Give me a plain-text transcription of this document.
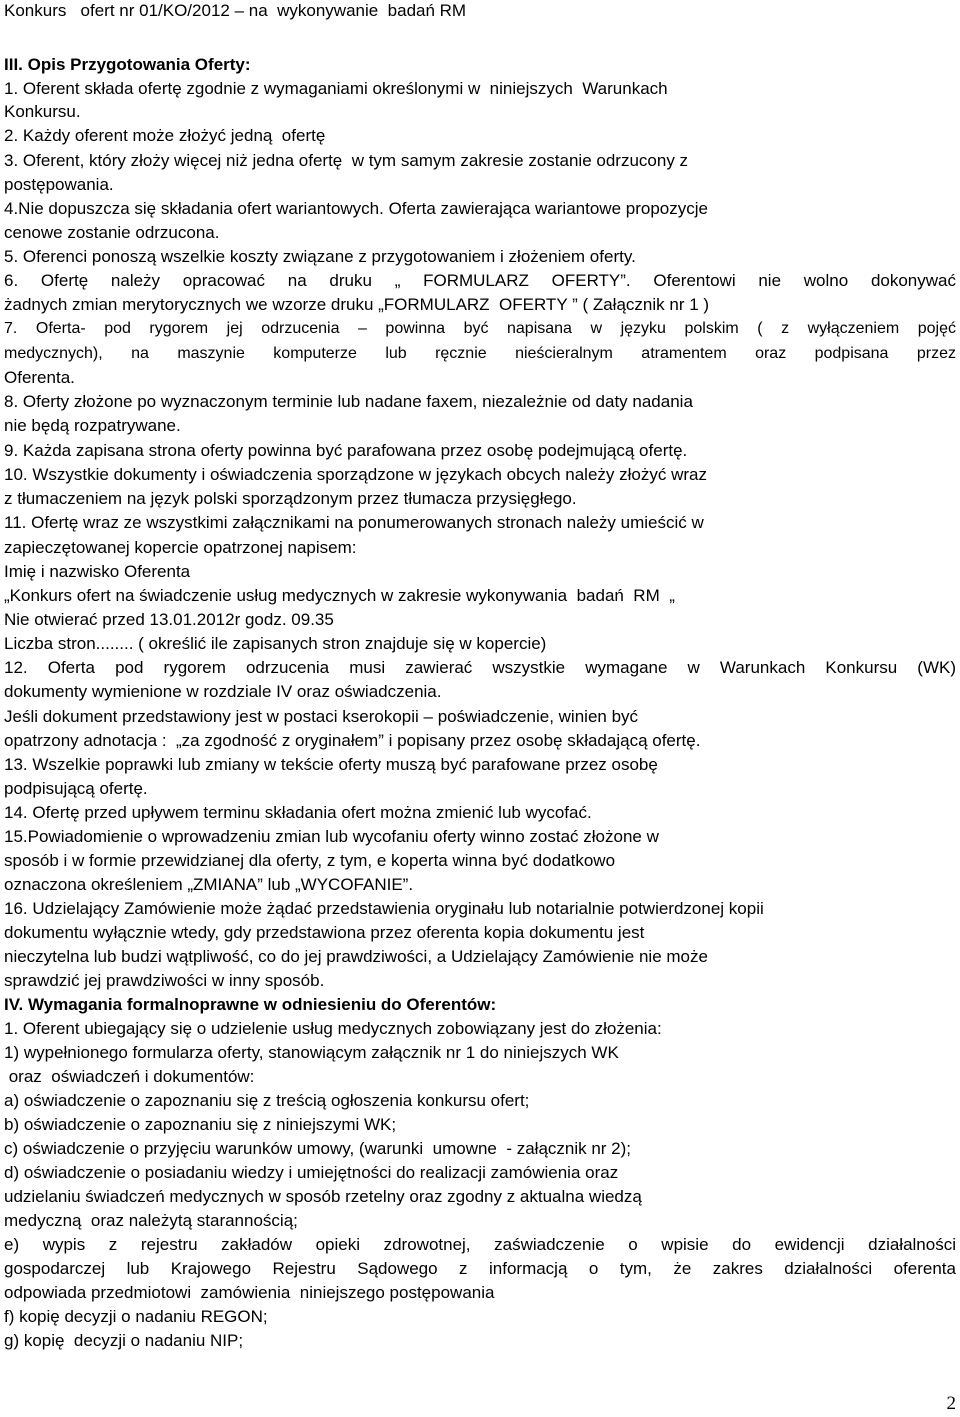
Konkurs   ofert nr 01/KO/2012 – na  wykonywanie  badań RM
III. Opis Przygotowania Oferty:
1. Oferent składa ofertę zgodnie z wymaganiami określonymi w  niniejszych  Warunkach
Konkursu.
2. Każdy oferent może złożyć jedną  ofertę
3. Oferent, który złoży więcej niż jedna ofertę  w tym samym zakresie zostanie odrzucony z
postępowania.
4.Nie dopuszcza się składania ofert wariantowych. Oferta zawierająca wariantowe propozycje
cenowe zostanie odrzucona.
5. Oferenci ponoszą wszelkie koszty związane z przygotowaniem i złożeniem oferty.
6. Ofertę należy opracować na druku „ FORMULARZ OFERTY”. Oferentowi nie wolno dokonywać
żadnych zmian merytorycznych we wzorze druku „FORMULARZ  OFERTY ” ( Załącznik nr 1 )
7. Oferta- pod rygorem jej odrzucenia – powinna być napisana w języku polskim ( z wyłączeniem pojęć
medycznych), na maszynie komputerze lub ręcznie nieścieralnym atramentem oraz podpisana przez
Oferenta.
8. Oferty złożone po wyznaczonym terminie lub nadane faxem, niezależnie od daty nadania
nie będą rozpatrywane.
9. Każda zapisana strona oferty powinna być parafowana przez osobę podejmującą ofertę.
10. Wszystkie dokumenty i oświadczenia sporządzone w językach obcych należy złożyć wraz
z tłumaczeniem na język polski sporządzonym przez tłumacza przysięgłego.
11. Ofertę wraz ze wszystkimi załącznikami na ponumerowanych stronach należy umieścić w
zapieczętowanej kopercie opatrzonej napisem:
Imię i nazwisko Oferenta
„Konkurs ofert na świadczenie usług medycznych w zakresie wykonywania  badań  RM  „
Nie otwierać przed 13.01.2012r godz. 09.35
Liczba stron........ ( określić ile zapisanych stron znajduje się w kopercie)
12. Oferta pod rygorem odrzucenia musi zawierać wszystkie wymagane w Warunkach Konkursu (WK)
dokumenty wymienione w rozdziale IV oraz oświadczenia.
Jeśli dokument przedstawiony jest w postaci kserokopii – poświadczenie, winien być
opatrzony adnotacja :  „za zgodność z oryginałem” i popisany przez osobę składającą ofertę.
13. Wszelkie poprawki lub zmiany w tekście oferty muszą być parafowane przez osobę
podpisującą ofertę.
14. Ofertę przed upływem terminu składania ofert można zmienić lub wycofać.
15.Powiadomienie o wprowadzeniu zmian lub wycofaniu oferty winno zostać złożone w
sposób i w formie przewidzianej dla oferty, z tym, e koperta winna być dodatkowo
oznaczona określeniem „ZMIANA” lub „WYCOFANIE”.
16. Udzielający Zamówienie może żądać przedstawienia oryginału lub notarialnie potwierdzonej kopii
dokumentu wyłącznie wtedy, gdy przedstawiona przez oferenta kopia dokumentu jest
nieczytelna lub budzi wątpliwość, co do jej prawdziwości, a Udzielający Zamówienie nie może
sprawdzić jej prawdziwości w inny sposób.
IV. Wymagania formalnoprawne w odniesieniu do Oferentów:
1. Oferent ubiegający się o udzielenie usług medycznych zobowiązany jest do złożenia:
1) wypełnionego formularza oferty, stanowiącym załącznik nr 1 do niniejszych WK
oraz  oświadczeń i dokumentów:
a) oświadczenie o zapoznaniu się z treścią ogłoszenia konkursu ofert;
b) oświadczenie o zapoznaniu się z niniejszymi WK;
c) oświadczenie o przyjęciu warunków umowy, (warunki  umowne  - załącznik nr 2);
d) oświadczenie o posiadaniu wiedzy i umiejętności do realizacji zamówienia oraz
udzielaniu świadczeń medycznych w sposób rzetelny oraz zgodny z aktualna wiedzą
medyczną  oraz należytą starannością;
e) wypis z rejestru zakładów opieki zdrowotnej, zaświadczenie o wpisie do ewidencji działalności
gospodarczej lub Krajowego Rejestru Sądowego z informacją o tym, że zakres działalności oferenta
odpowiada przedmiotowi  zamówienia  niniejszego postępowania
f) kopię decyzji o nadaniu REGON;
g) kopię  decyzji o nadaniu NIP;
2
